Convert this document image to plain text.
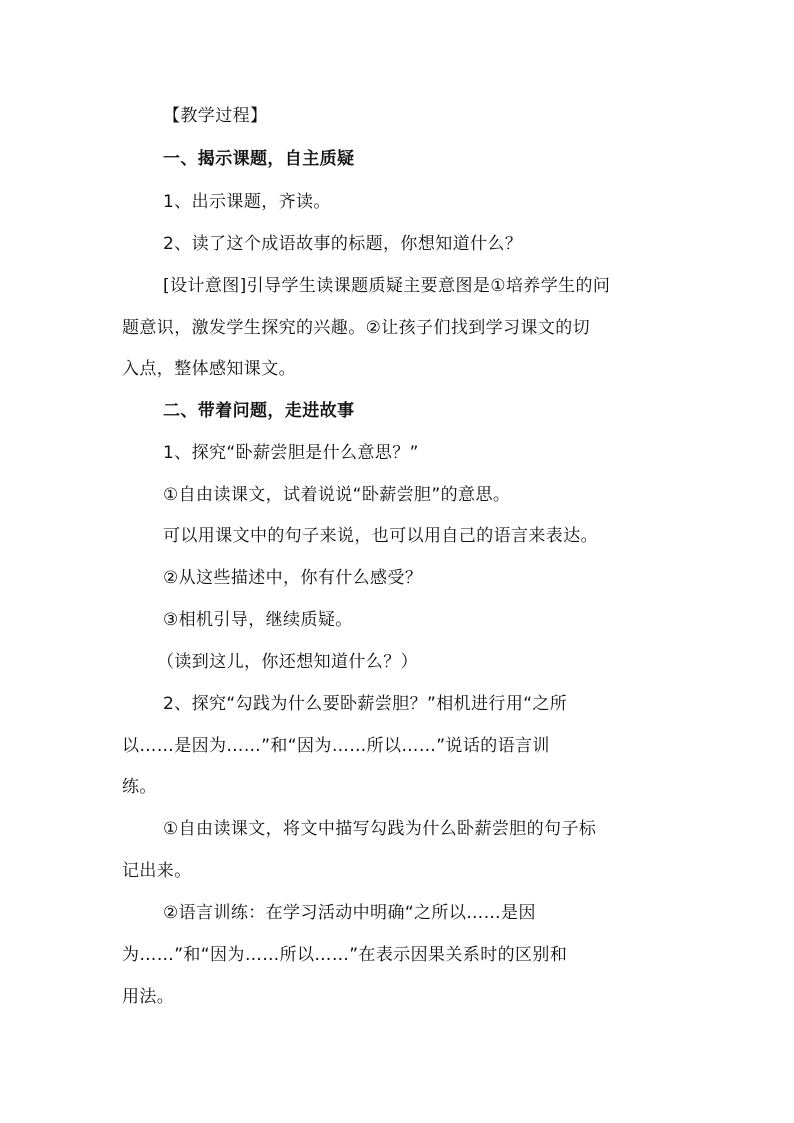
【教学过程】
一、揭示课题，自主质疑
1、出示课题，齐读。
2、读了这个成语故事的标题，你想知道什么？
[设计意图]引导学生读课题质疑主要意图是①培养学生的问
题意识，激发学生探究的兴趣。②让孩子们找到学习课文的切
入点，整体感知课文。
二、带着问题，走进故事
1、探究“卧薪尝胆是什么意思？”
①自由读课文，试着说说“卧薪尝胆”的意思。
可以用课文中的句子来说，也可以用自己的语言来表达。
②从这些描述中，你有什么感受？
③相机引导，继续质疑。
（读到这儿，你还想知道什么？）
2、探究“勾践为什么要卧薪尝胆？”相机进行用“之所
以……是因为……”和“因为……所以……”说话的语言训
练。
①自由读课文，将文中描写勾践为什么卧薪尝胆的句子标
记出来。
②语言训练：在学习活动中明确“之所以……是因
为……”和“因为……所以……”在表示因果关系时的区别和
用法。
